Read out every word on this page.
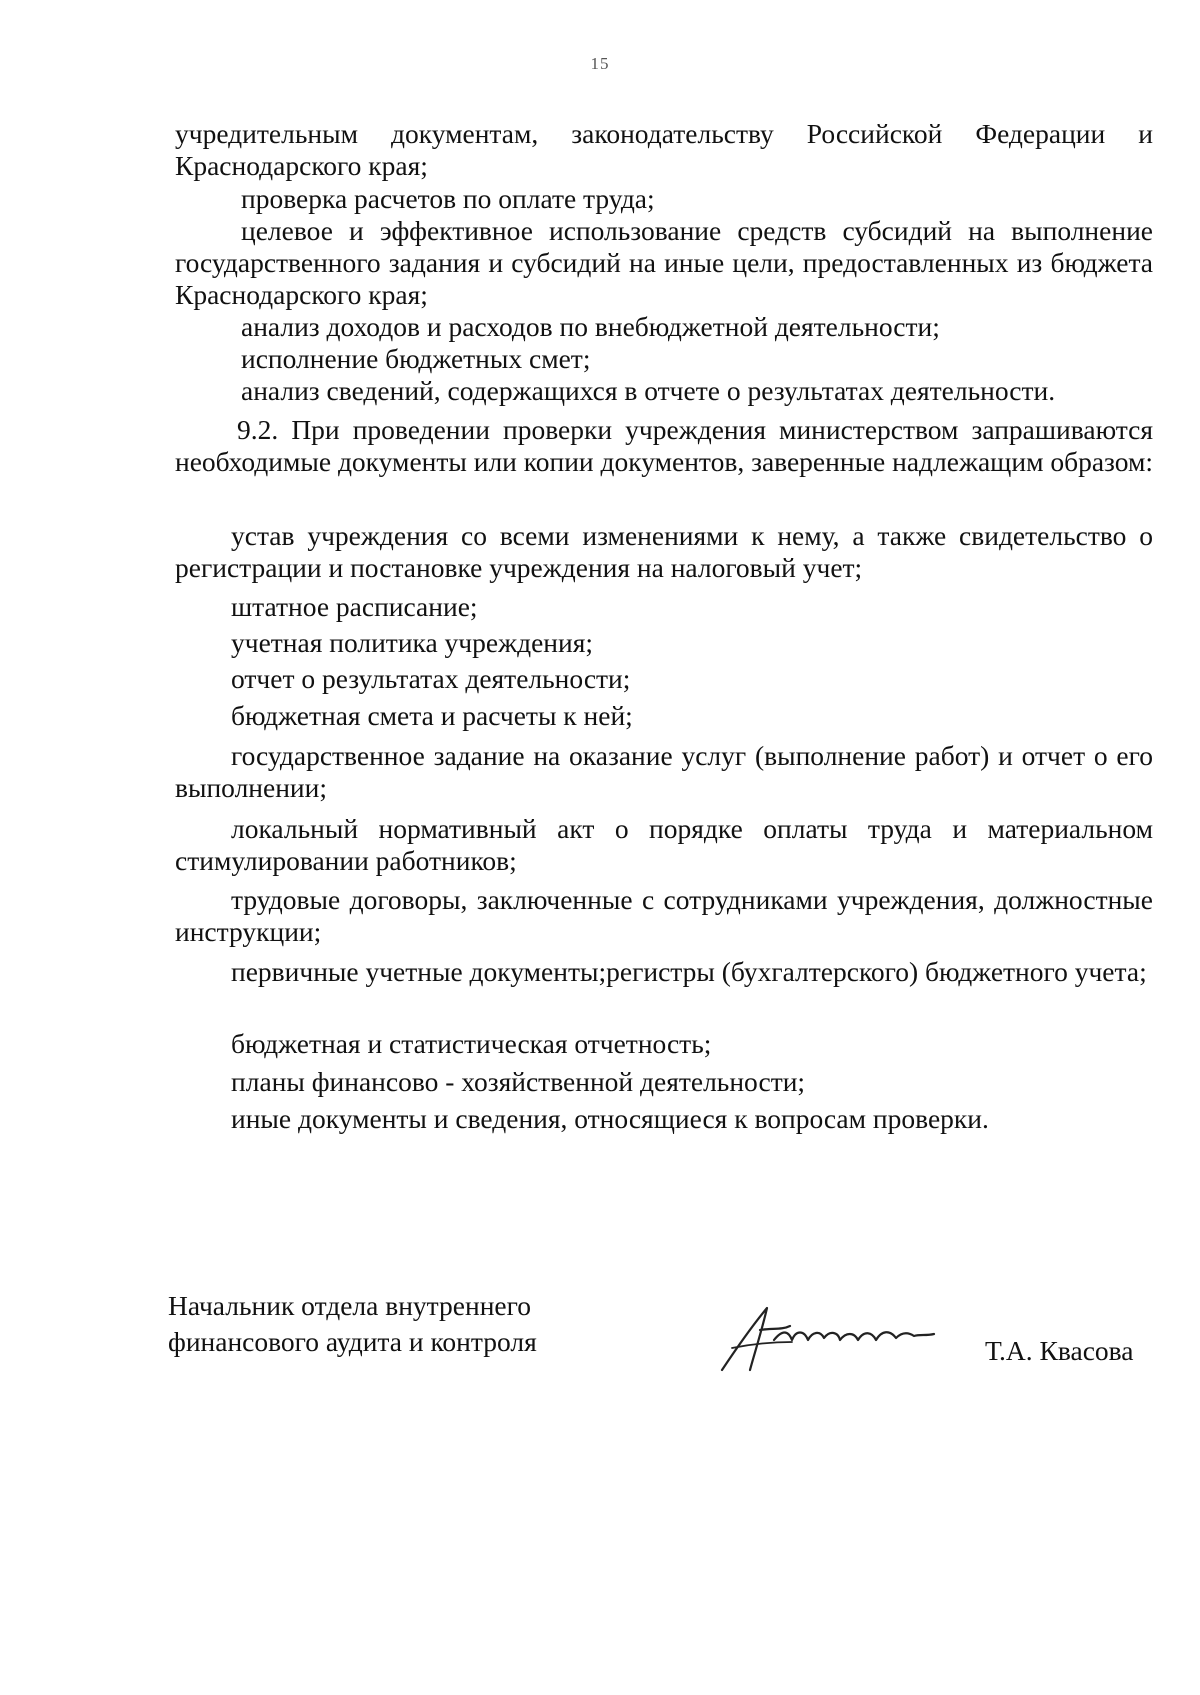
15

учредительным документам, законодательству Российской Федерации и Краснодарского края;

проверка расчетов по оплате труда;

целевое и эффективное использование средств субсидий на выполнение государственного задания и субсидий на иные цели, предоставленных из бюджета Краснодарского края;

анализ доходов и расходов по внебюджетной деятельности;

исполнение бюджетных смет;

анализ сведений, содержащихся в отчете о результатах деятельности.

9.2. При проведении проверки учреждения министерством запрашиваются необходимые документы или копии документов, заверенные надлежащим образом:

устав учреждения со всеми изменениями к нему, а также свидетельство о регистрации и постановке учреждения на налоговый учет;

штатное расписание;

учетная политика учреждения;

отчет о результатах деятельности;

бюджетная смета и расчеты к ней;

государственное задание на оказание услуг (выполнение работ) и отчет о его выполнении;

локальный нормативный акт о порядке оплаты труда и материальном стимулировании работников;

трудовые договоры, заключенные с сотрудниками учреждения, должностные инструкции;

первичные учетные документы;регистры (бухгалтерского) бюджетного учета;

бюджетная и статистическая отчетность;

планы финансово - хозяйственной деятельности;

иные документы и сведения, относящиеся к вопросам проверки.

Начальник отдела внутреннего
финансового аудита и контроля	Т.А. Квасова
